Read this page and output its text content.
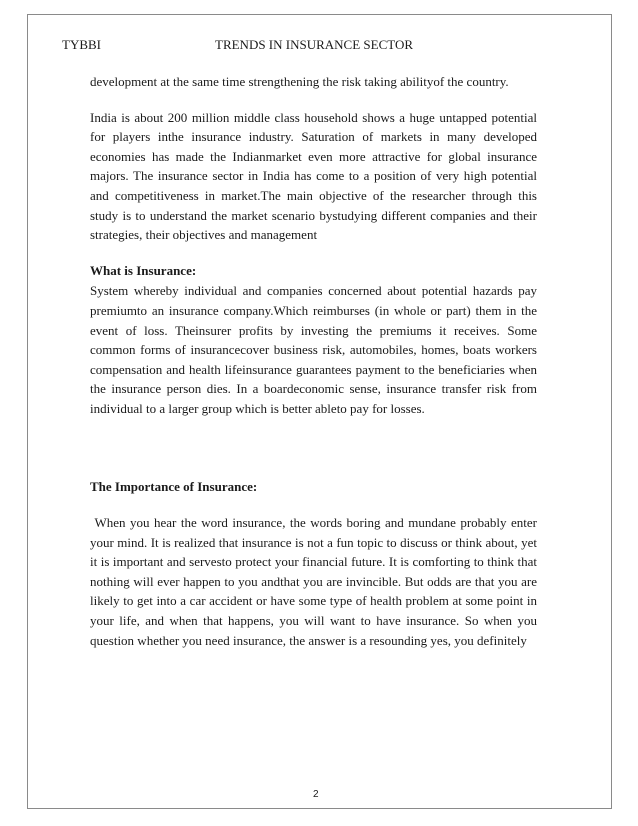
TYBBI	TRENDS IN INSURANCE SECTOR

development at the same time strengthening the risk taking abilityof the country.

India is about 200 million middle class household shows a huge untapped potential for players inthe insurance industry. Saturation of markets in many developed economies has made the Indianmarket even more attractive for global insurance majors. The insurance sector in India has come to a position of very high potential and competitiveness in market.The main objective of the researcher through this study is to understand the market scenario bystudying different companies and their strategies, their objectives and management

What is Insurance:

System whereby individual and companies concerned about potential hazards pay premiumto an insurance company.Which reimburses (in whole or part) them in the event of loss. Theinsurer profits by investing the premiums it receives. Some common forms of insurancecover business risk, automobiles, homes, boats workers compensation and health lifeinsurance guarantees payment to the beneficiaries when the insurance person dies. In a boardeconomic sense, insurance transfer risk from individual to a larger group which is better ableto pay for losses.

The Importance of Insurance:

When you hear the word insurance, the words boring and mundane probably enter your mind. It is realized that insurance is not a fun topic to discuss or think about, yet it is important and servesto protect your financial future. It is comforting to think that nothing will ever happen to you andthat you are invincible. But odds are that you are likely to get into a car accident or have some type of health problem at some point in your life, and when that happens, you will want to have insurance. So when you question whether you need insurance, the answer is a resounding yes, you definitely

2
